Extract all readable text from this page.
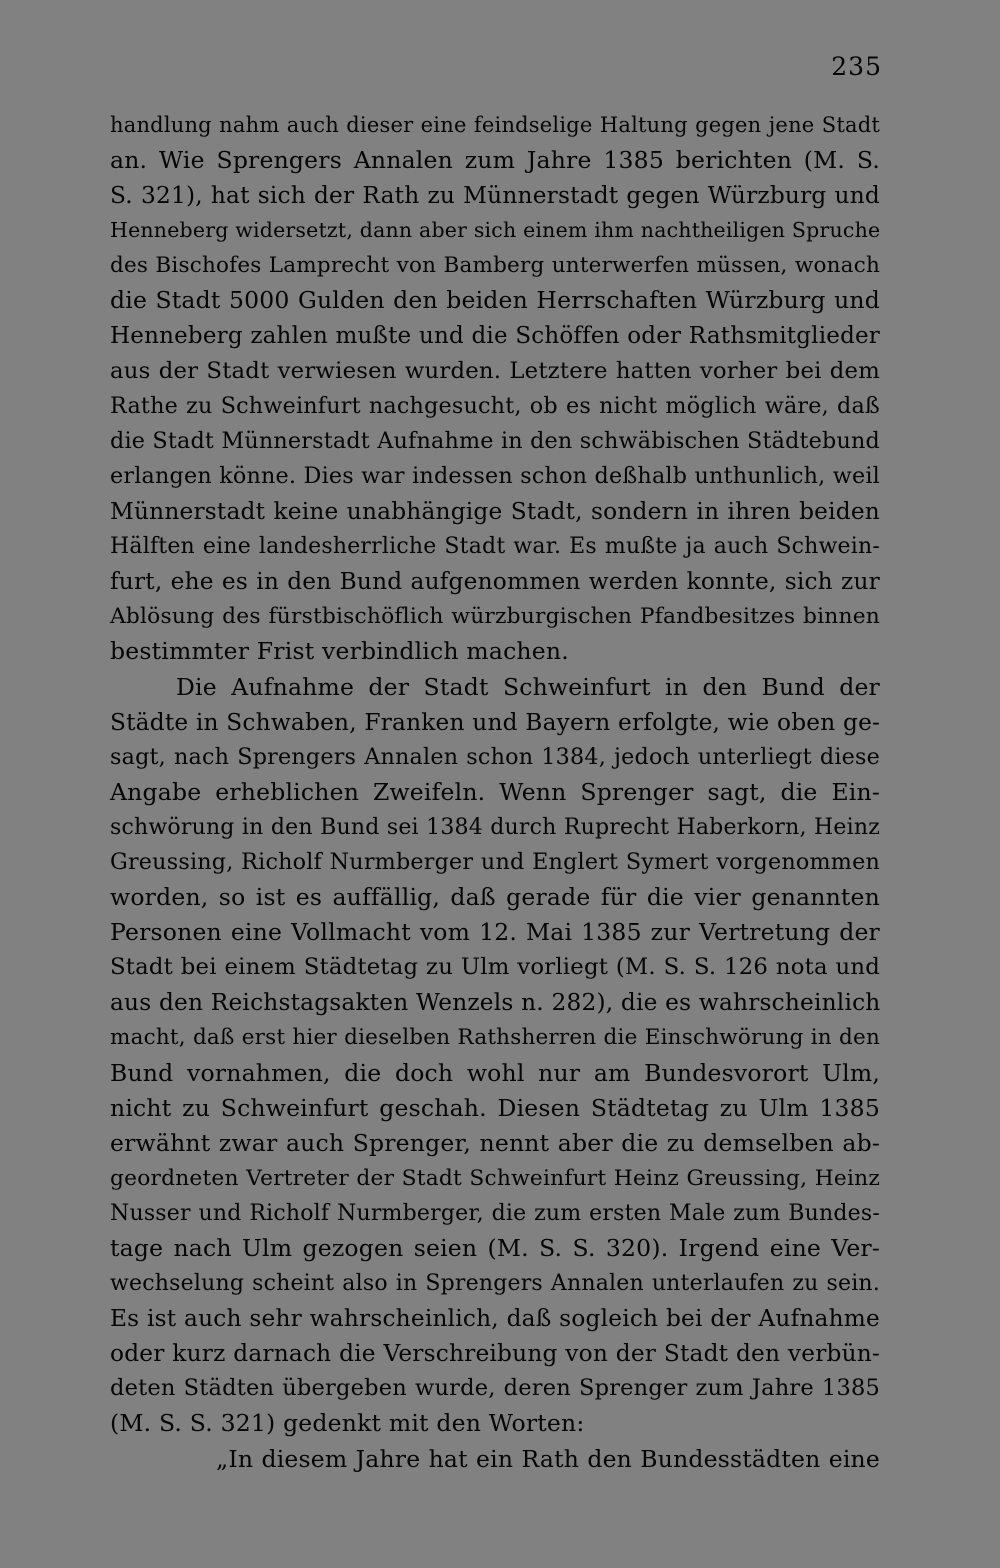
235
handlung nahm auch dieser eine feindselige Haltung gegen jene Stadt
an. Wie Sprengers Annalen zum Jahre 1385 berichten (M. S.
S. 321), hat sich der Rath zu Münnerstadt gegen Würzburg und
Henneberg widersetzt, dann aber sich einem ihm nachtheiligen Spruche
des Bischofes Lamprecht von Bamberg unterwerfen müssen, wonach
die Stadt 5000 Gulden den beiden Herrschaften Würzburg und
Henneberg zahlen mußte und die Schöffen oder Rathsmitglieder
aus der Stadt verwiesen wurden. Letztere hatten vorher bei dem
Rathe zu Schweinfurt nachgesucht, ob es nicht möglich wäre, daß
die Stadt Münnerstadt Aufnahme in den schwäbischen Städtebund
erlangen könne. Dies war indessen schon deßhalb unthunlich, weil
Münnerstadt keine unabhängige Stadt, sondern in ihren beiden
Hälften eine landesherrliche Stadt war. Es mußte ja auch Schwein-
furt, ehe es in den Bund aufgenommen werden konnte, sich zur
Ablösung des fürstbischöflich würzburgischen Pfandbesitzes binnen
bestimmter Frist verbindlich machen.
Die Aufnahme der Stadt Schweinfurt in den Bund der
Städte in Schwaben, Franken und Bayern erfolgte, wie oben ge-
sagt, nach Sprengers Annalen schon 1384, jedoch unterliegt diese
Angabe erheblichen Zweifeln. Wenn Sprenger sagt, die Ein-
schwörung in den Bund sei 1384 durch Ruprecht Haberkorn, Heinz
Greussing, Richolf Nurmberger und Englert Symert vorgenommen
worden, so ist es auffällig, daß gerade für die vier genannten
Personen eine Vollmacht vom 12. Mai 1385 zur Vertretung der
Stadt bei einem Städtetag zu Ulm vorliegt (M. S. S. 126 nota und
aus den Reichstagsakten Wenzels n. 282), die es wahrscheinlich
macht, daß erst hier dieselben Rathsherren die Einschwörung in den
Bund vornahmen, die doch wohl nur am Bundesvorort Ulm,
nicht zu Schweinfurt geschah. Diesen Städtetag zu Ulm 1385
erwähnt zwar auch Sprenger, nennt aber die zu demselben ab-
geordneten Vertreter der Stadt Schweinfurt Heinz Greussing, Heinz
Nusser und Richolf Nurmberger, die zum ersten Male zum Bundes-
tage nach Ulm gezogen seien (M. S. S. 320). Irgend eine Ver-
wechselung scheint also in Sprengers Annalen unterlaufen zu sein.
Es ist auch sehr wahrscheinlich, daß sogleich bei der Aufnahme
oder kurz darnach die Verschreibung von der Stadt den verbün-
deten Städten übergeben wurde, deren Sprenger zum Jahre 1385
(M. S. S. 321) gedenkt mit den Worten:
„In diesem Jahre hat ein Rath den Bundesstädten eine
